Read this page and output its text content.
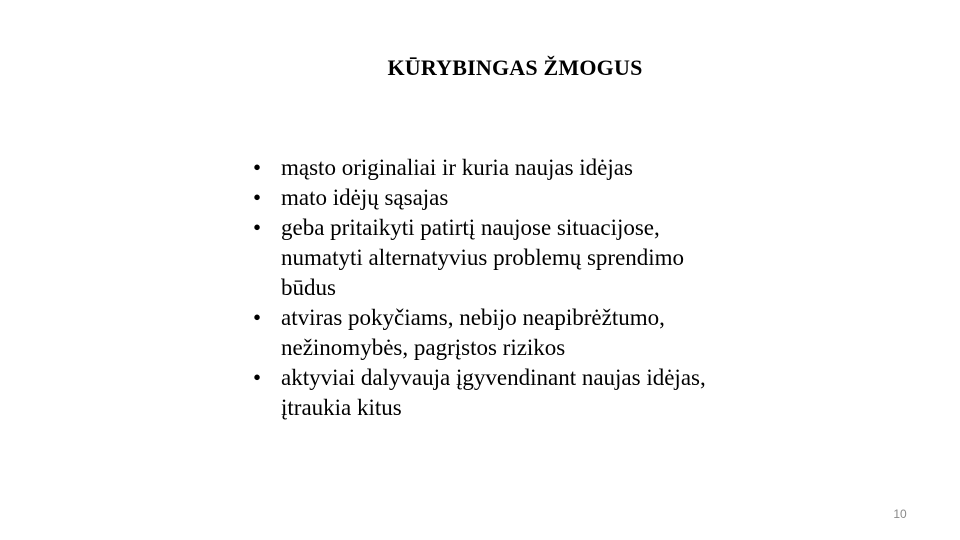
KŪRYBINGAS ŽMOGUS
• mąsto originaliai ir kuria naujas idėjas
• mato idėjų sąsajas
• geba pritaikyti patirtį naujose situacijose,
numatyti alternatyvius problemų sprendimo
būdus
• atviras pokyčiams, nebijo neapibrėžtumo,
nežinomybės, pagrįstos rizikos
• aktyviai dalyvauja įgyvendinant naujas idėjas,
įtraukia kitus
10
